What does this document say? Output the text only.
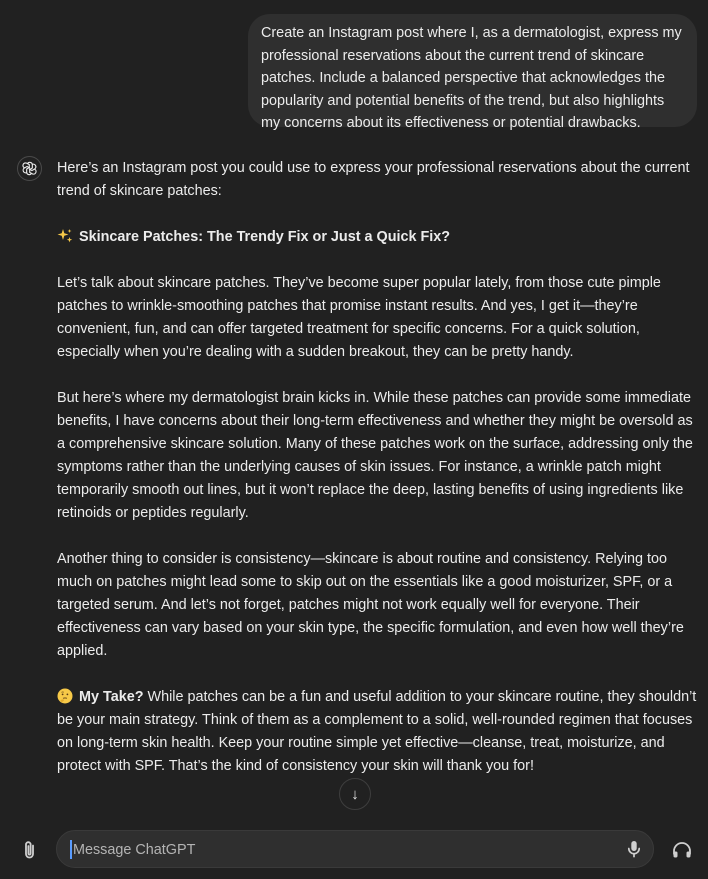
Create an Instagram post where I, as a dermatologist, express my professional reservations about the current trend of skincare patches. Include a balanced perspective that acknowledges the popularity and potential benefits of the trend, but also highlights my concerns about its effectiveness or potential drawbacks.

Here’s an Instagram post you could use to express your professional reservations about the current trend of skincare patches:

Skincare Patches: The Trendy Fix or Just a Quick Fix?

Let’s talk about skincare patches. They’ve become super popular lately, from those cute pimple patches to wrinkle-smoothing patches that promise instant results. And yes, I get it—they’re convenient, fun, and can offer targeted treatment for specific concerns. For a quick solution, especially when you’re dealing with a sudden breakout, they can be pretty handy.

But here’s where my dermatologist brain kicks in. While these patches can provide some immediate benefits, I have concerns about their long-term effectiveness and whether they might be oversold as a comprehensive skincare solution. Many of these patches work on the surface, addressing only the symptoms rather than the underlying causes of skin issues. For instance, a wrinkle patch might temporarily smooth out lines, but it won’t replace the deep, lasting benefits of using ingredients like retinoids or peptides regularly.

Another thing to consider is consistency—skincare is about routine and consistency. Relying too much on patches might lead some to skip out on the essentials like a good moisturizer, SPF, or a targeted serum. And let’s not forget, patches might not work equally well for everyone. Their effectiveness can vary based on your skin type, the specific formulation, and even how well they’re applied.

My Take? While patches can be a fun and useful addition to your skincare routine, they shouldn’t be your main strategy. Think of them as a complement to a solid, well-rounded regimen that focuses on long-term skin health. Keep your routine simple yet effective—cleanse, treat, moisturize, and protect with SPF. That’s the kind of consistency your skin will thank you for!

↓
Message ChatGPT
